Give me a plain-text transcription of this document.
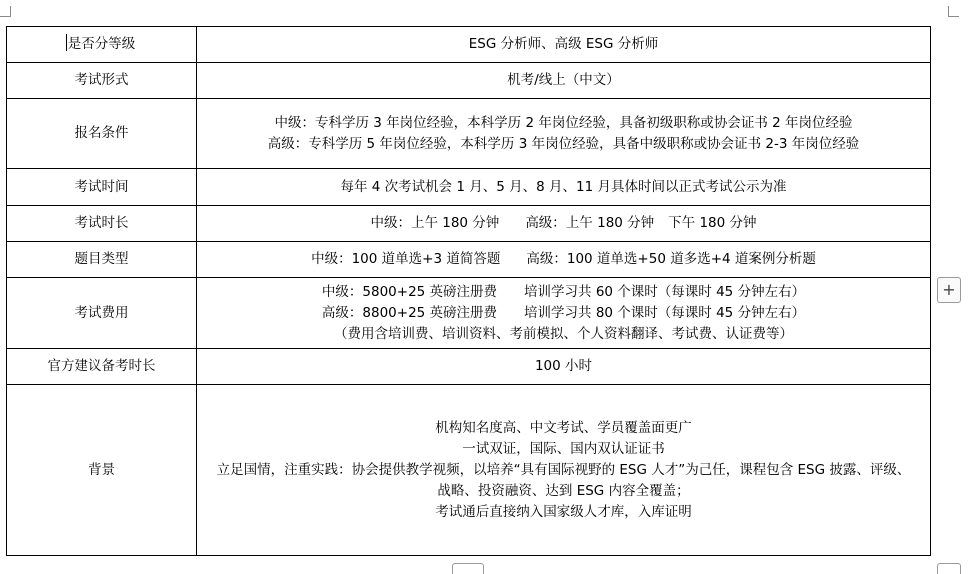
是否分等级	ESG 分析师、高级 ESG 分析师

考试形式	机考/线上（中文）

报名条件	中级：专科学历 3 年岗位经验，本科学历 2 年岗位经验，具备初级职称或协会证书 2 年岗位经验
高级：专科学历 5 年岗位经验，本科学历 3 年岗位经验，具备中级职称或协会证书 2-3 年岗位经验

考试时间	每年 4 次考试机会 1 月、5 月、8 月、11 月具体时间以正式考试公示为准

考试时长	中级：上午 180 分钟 高级：上午 180 分钟 下午 180 分钟

题目类型	中级：100 道单选+3 道简答题 高级：100 道单选+50 道多选+4 道案例分析题

考试费用	中级：5800+25 英磅注册费　　培训学习共 60 个课时（每课时 45 分钟左右）
高级：8800+25 英磅注册费　　培训学习共 80 个课时（每课时 45 分钟左右）
（费用含培训费、培训资料、考前模拟、个人资料翻译、考试费、认证费等）

官方建议备考时长	100 小时

背景	机构知名度高、中文考试、学员覆盖面更广
一试双证，国际、国内双认证证书
立足国情，注重实践：协会提供教学视频，以培养“具有国际视野的 ESG 人才”为己任，课程包含 ESG 披露、评级、
战略、投资融资、达到 ESG 内容全覆盖；
考试通后直接纳入国家级人才库，入库证明
+
